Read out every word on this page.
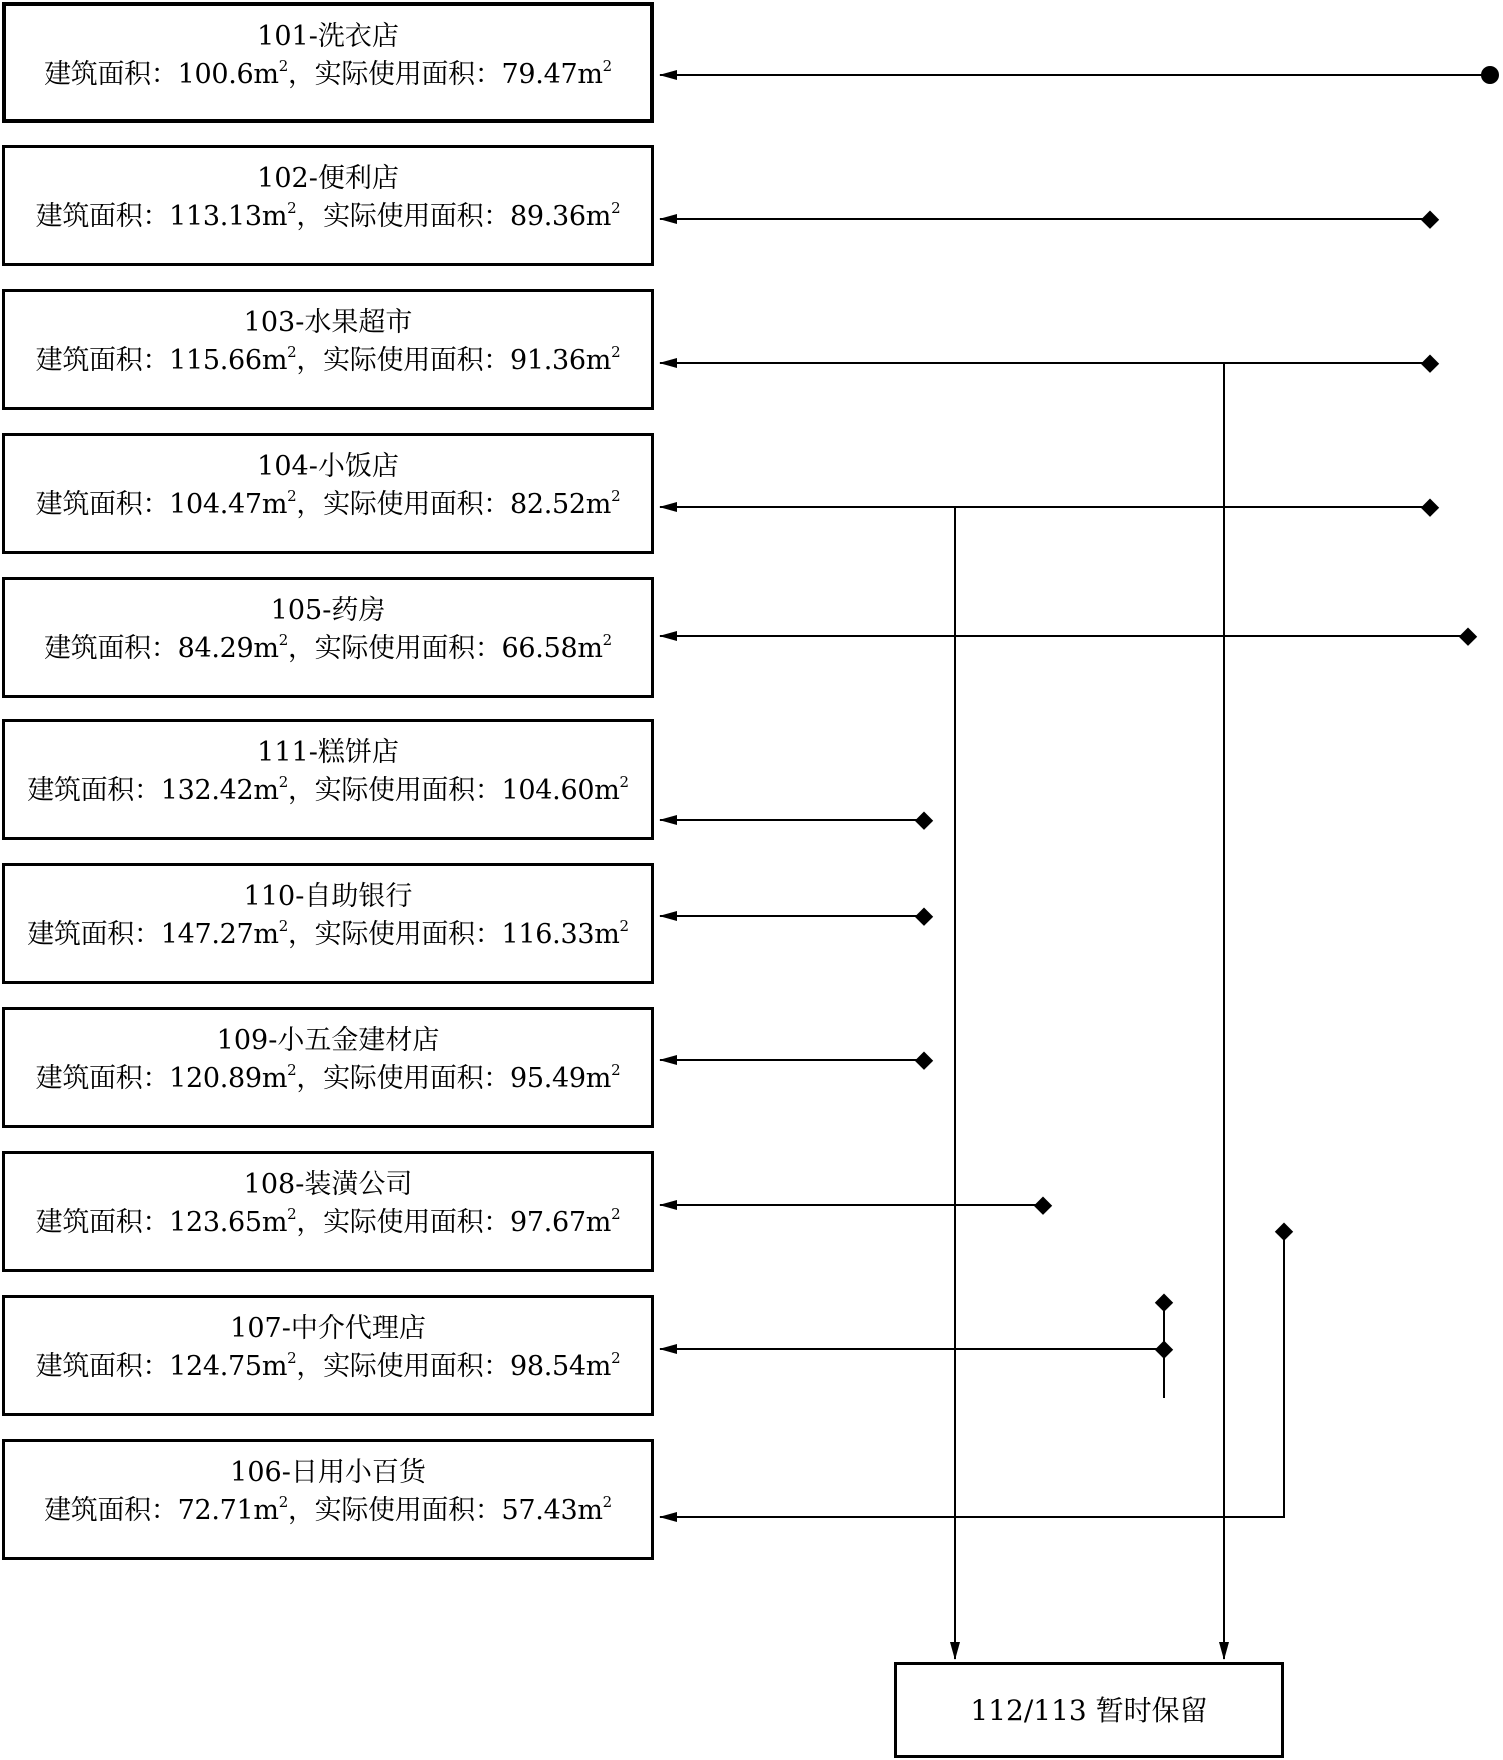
101-洗衣店
建筑面积：$100.6m^2$，实际使用面积：$79.47m^2$
102-便利店
建筑面积：$113.13m^2$，实际使用面积：$89.36m^2$
103-水果超市
建筑面积：$115.66m^2$，实际使用面积：$91.36m^2$
104-小饭店
建筑面积：$104.47m^2$，实际使用面积：$82.52m^2$
105-药房
建筑面积：$84.29m^2$，实际使用面积：$66.58m^2$
111-糕饼店
建筑面积：$132.42m^2$，实际使用面积：$104.60m^2$
110-自助银行
建筑面积：$147.27m^2$，实际使用面积：$116.33m^2$
109-小五金建材店
建筑面积：$120.89m^2$，实际使用面积：$95.49m^2$
108-装潢公司
建筑面积：$123.65m^2$，实际使用面积：$97.67m^2$
107-中介代理店
建筑面积：$124.75m^2$，实际使用面积：$98.54m^2$
106-日用小百货
建筑面积：$72.71m^2$，实际使用面积：$57.43m^2$
112/113 暂时保留
